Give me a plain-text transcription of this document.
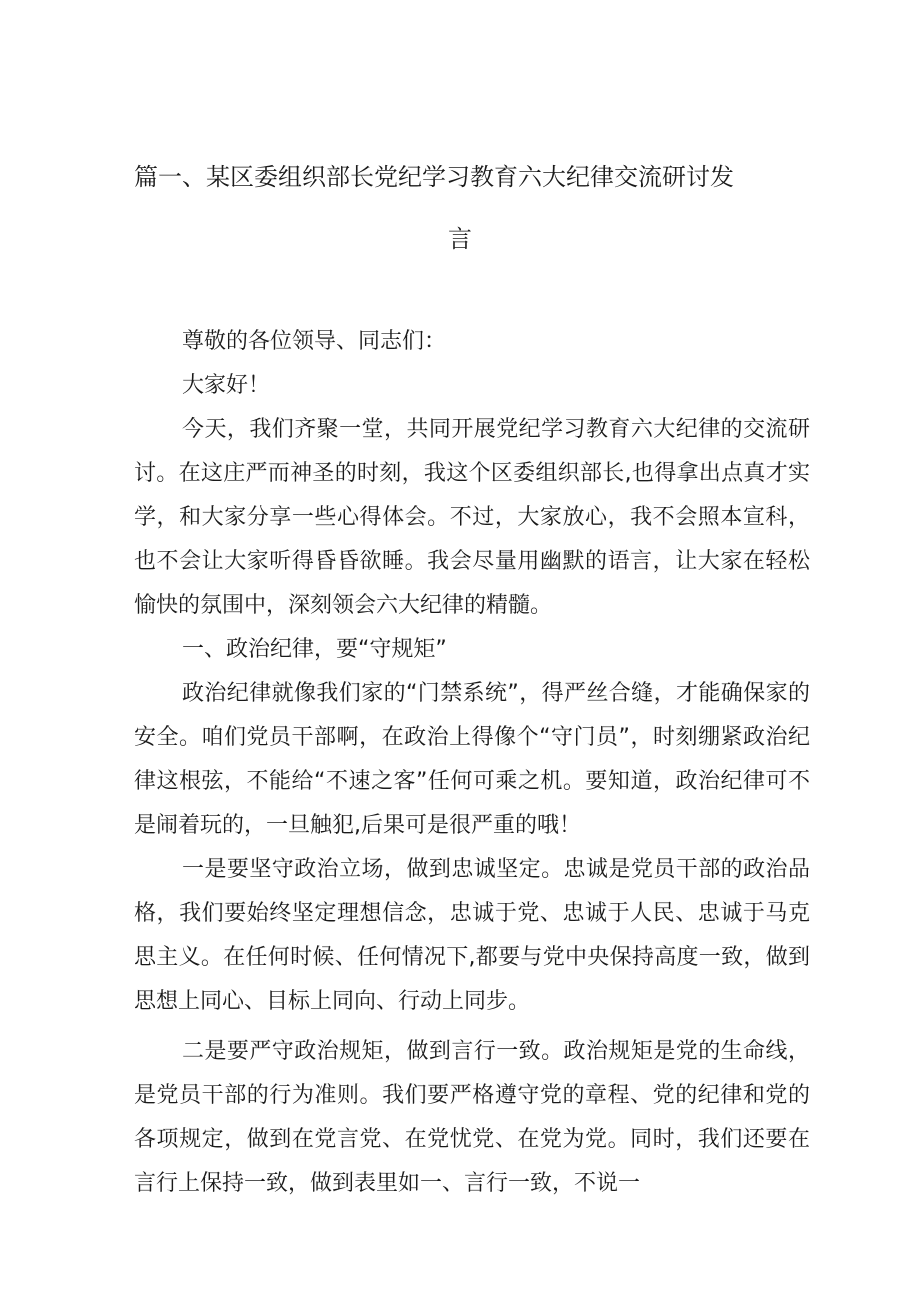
篇一、某区委组织部长党纪学习教育六大纪律交流研讨发
言

尊敬的各位领导、同志们：

大家好！

今天，我们齐聚一堂，共同开展党纪学习教育六大纪律的交流研讨。在这庄严而神圣的时刻，我这个区委组织部长,也得拿出点真才实学，和大家分享一些心得体会。不过，大家放心，我不会照本宣科，也不会让大家听得昏昏欲睡。我会尽量用幽默的语言，让大家在轻松愉快的氛围中，深刻领会六大纪律的精髓。

一、政治纪律，要“守规矩”

政治纪律就像我们家的“门禁系统”，得严丝合缝，才能确保家的安全。咱们党员干部啊，在政治上得像个“守门员”，时刻绷紧政治纪律这根弦，不能给“不速之客”任何可乘之机。要知道，政治纪律可不是闹着玩的，一旦触犯,后果可是很严重的哦！

一是要坚守政治立场，做到忠诚坚定。忠诚是党员干部的政治品格，我们要始终坚定理想信念，忠诚于党、忠诚于人民、忠诚于马克思主义。在任何时候、任何情况下,都要与党中央保持高度一致，做到思想上同心、目标上同向、行动上同步。

二是要严守政治规矩，做到言行一致。政治规矩是党的生命线，是党员干部的行为准则。我们要严格遵守党的章程、党的纪律和党的各项规定，做到在党言党、在党忧党、在党为党。同时，我们还要在言行上保持一致，做到表里如一、言行一致，不说一
